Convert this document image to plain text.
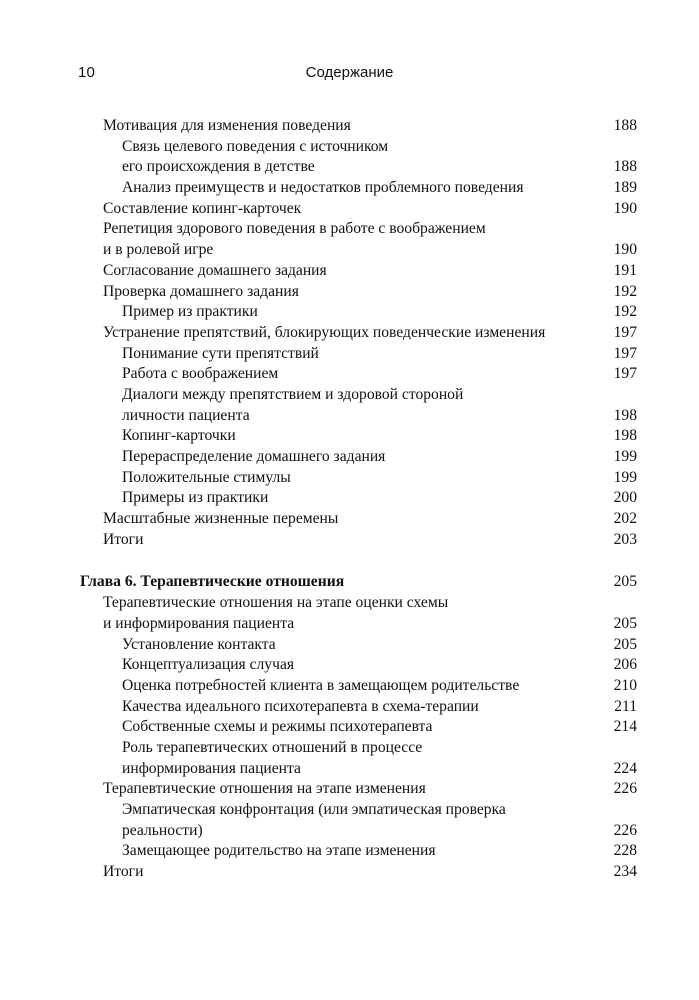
10	Содержание
Мотивация для изменения поведения	188
Связь целевого поведения с источником
его происхождения в детстве	188
Анализ преимуществ и недостатков проблемного поведения	189
Составление копинг-карточек	190
Репетиция здорового поведения в работе с воображением
и в ролевой игре	190
Согласование домашнего задания	191
Проверка домашнего задания	192
Пример из практики	192
Устранение препятствий, блокирующих поведенческие изменения	197
Понимание сути препятствий	197
Работа с воображением	197
Диалоги между препятствием и здоровой стороной
личности пациента	198
Копинг-карточки	198
Перераспределение домашнего задания	199
Положительные стимулы	199
Примеры из практики	200
Масштабные жизненные перемены	202
Итоги	203
Глава 6. Терапевтические отношения	205
Терапевтические отношения на этапе оценки схемы
и информирования пациента	205
Установление контакта	205
Концептуализация случая	206
Оценка потребностей клиента в замещающем родительстве	210
Качества идеального психотерапевта в схема-терапии	211
Собственные схемы и режимы психотерапевта	214
Роль терапевтических отношений в процессе
информирования пациента	224
Терапевтические отношения на этапе изменения	226
Эмпатическая конфронтация (или эмпатическая проверка
реальности)	226
Замещающее родительство на этапе изменения	228
Итоги	234
